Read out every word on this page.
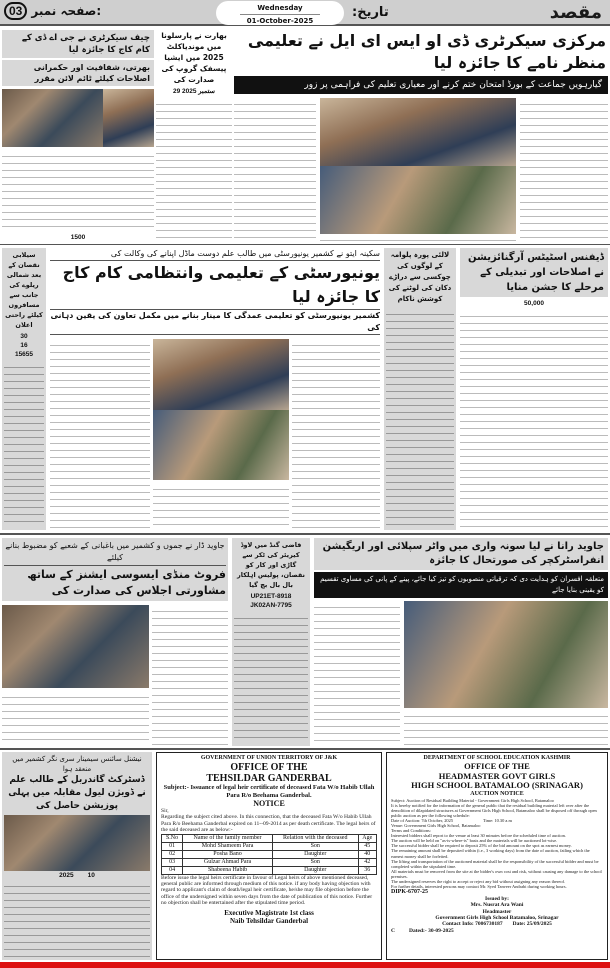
مقصد
تاریخ:
Wednesday
01-October-2025
03 صفحہ نمبر:
مرکزی سیکرٹری ڈی او ایس ای ایل نے تعلیمی منظر نامے کا جائزہ لیا
گیارہویں جماعت کے بورڈ امتحان ختم کرنے اور معیاری تعلیم کی فراہمی پر زور
چیف سیکرٹری نے جی اے ڈی کے کام کاج کا جائزہ لیا
بھرتی، شفافیت اور حکمرانی اصلاحات کیلئے ٹائم لائن مقرر
1500
بھارت نے پارسلونا میں موندیاکلٹ 2025 میں ایشیا پیسفک گروپ کی صدارت کی
29 ستمبر 2025
سیلابی نقصان کے بعد شمالی ریلوے کی جانب سے مسافروں کیلئے راحتی اعلان
30
16
15655
سکینہ ایتو نے کشمیر یونیورسٹی میں طالب علم دوست ماڈل اپنانے کی وکالت کی
یونیورسٹی کے تعلیمی وانتظامی کام کاج کا جائزہ لیا
کشمیر یونیورسٹی کو تعلیمی عمدگی کا مینار بنانے میں مکمل تعاون کی یقین دہانی کی
لالئی پورہ پلوامہ کے لوگوں کی چوکسی سے دراڑے دکان کی لوٹنے کی کوشش ناکام
ڈیفنس اسٹیٹس آرگنائزیشن نے اصلاحات اور تبدیلی کے مرحلے کا جشن منایا
50,000
جاوید ڈار نے جموں و کشمیر میں باغبانی کے شعبے کو مضبوط بنانے کیلئے
فروٹ منڈی ایسوسی ایشنز کے ساتھ مشاورتی اجلاس کی صدارت کی
قاضی گنڈ میں لاوڈ کیریئر کی ٹکر سے گاڑی اور کار کو نقصان، پولیس اہلکار بال بال بچ گیا
UP21ET-8918
JK02AN-7795
جاوید رانا نے لیا سونہ واری میں واٹر سپلائی اور اریگیشن انفراسٹرکچر کی صورتحال کا جائزہ
متعلقہ افسران کو ہدایت دی کہ ترقیاتی منصوبوں کو تیز کیا جائے، پینے کے پانی کی مساوی تقسیم کو یقینی بنایا جائے
نیشنل سائنس سیمینار سری نگر کشمیر میں منعقد ہوا
ڈسٹرکٹ گاندربل کے طالب علم نے ڈویژن لیول مقابلہ میں پہلی پوزیشن حاصل کی
2025 10
GOVERNMENT OF UNION TERRITORY OF J&K
OFFICE OF THE
TEHSILDAR GANDERBAL
Subject:- Issuance of legal heir certificate of deceased Fata W/o Habib Ullah Para R/o Beehama Ganderbal.
NOTICE
Sir,
Regarding the subject cited above. In this connection, that the deceased Fata W/o Habib Ullah Para R/o Beehama Ganderbal expired on 11--09-2014 as per death certificate. The legal heirs of the said deceased are as below:-
S.No	Name of the family member	Relation with the deceased	Age
01	Mohd Shameem Para	Son	45
02	Posha Bano	Daughter	40
03	Gulzar Ahmad Para	Son	42
04	Shabeena Habib	Daughter	36
Before issue the legal heirs certificate in favour of Legal heirs of above mentioned deceased, general public are informed through medium of this notice. if any body having objection with regard to applicant's claim of death/legal heir certificate, he/she may file objection before the office of the undersigned within seven days from the date of publication of this notice. Further no objection shall be entertained after the stipulated time period.
Executive Magistrate 1st class
Naib Tehsildar Ganderbal
DEPARTMENT OF SCHOOL EDUCATION KASHMIR
OFFICE OF THE
HEADMASTER GOVT GIRLS
HIGH SCHOOL BATAMALOO (SRINAGAR)
AUCTION NOTICE
Subject: Auction of Residual Building Material - Government Girls High School, Batamaloo
It is hereby notified for the information of the general public that the residual building material left over after the demolition of dilapidated structures at Government Girls High School, Batamaloo shall be disposed off through open public auction as per the following schedule:
Date of Auction: 7th October, 2025	Time: 10.30 a.m
Venue: Government Girls High School, Batamaloo
Terms and Conditions:
Interested bidders shall report to the venue at least 30 minutes before the scheduled time of auction.
The auction will be held on "as-is-where-is" basis and the materials will be auctioned lot-wise.
The successful bidder shall be required to deposit 25% of the bid amount on the spot as earnest money.
The remaining amount shall be deposited within (i.e., 3 working days) from the date of auction, failing which the earnest money shall be forfeited.
The lifting and transportation of the auctioned material shall be the responsibility of the successful bidder and must be completed within the stipulated time.
All materials must be removed from the site at the bidder's own cost and risk, without causing any damage to the school premises.
The undersigned reserves the right to accept or reject any bid without assigning any reason thereof.
For further details, interested persons may contact Mr. Syed Tanveer Andrabi during working hours.
DIPK-6707-25
Issued by:
Mrs. Nusrat Ara Wani
Headmaster
Government Girls High School Batamaloo, Srinagar
Contact Info: 7006730187 Date: 25/09/2025
C	Dated:- 30-09-2025
